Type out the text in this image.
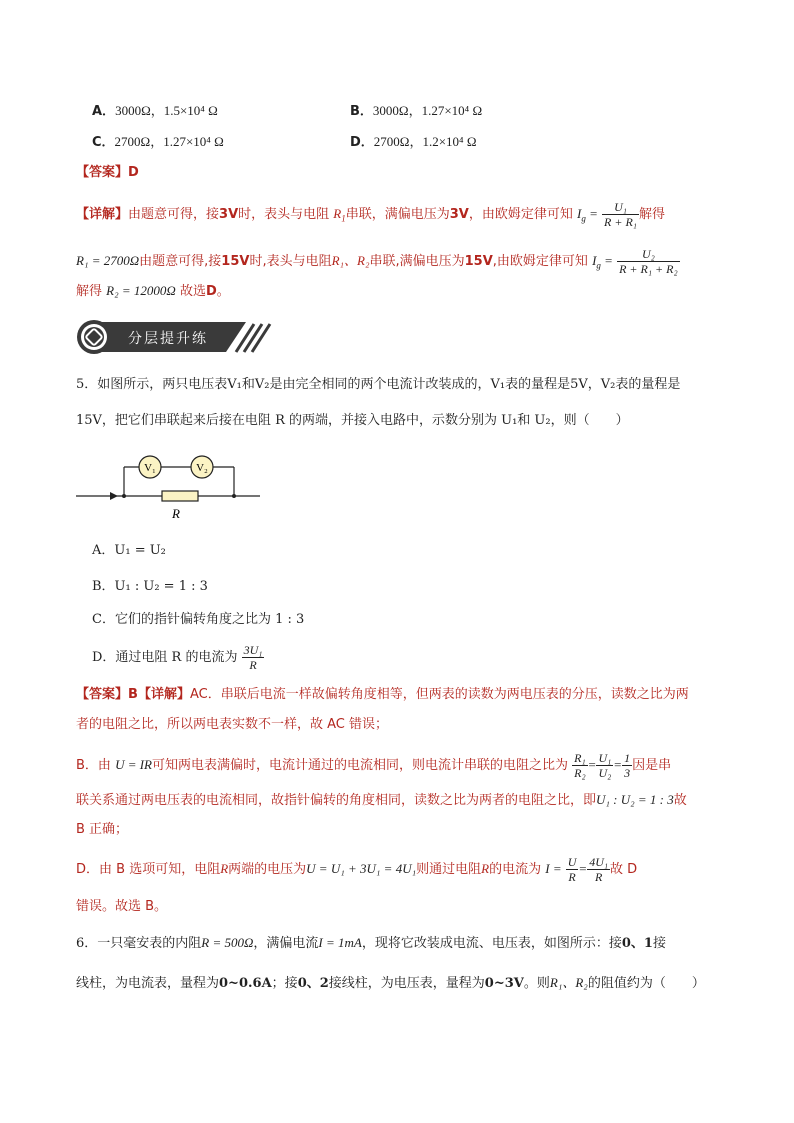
A．3000Ω，1.5×10⁴ Ω	B．3000Ω，1.27×10⁴ Ω
C．2700Ω，1.27×10⁴ Ω	D．2700Ω，1.2×10⁴ Ω
【答案】D
【详解】由题意可得，接3V时，表头与电阻 $R_1$串联，满偏电压为3V，由欧姆定律可知 $I_g = \frac{\text{U₁}}{\text{R + R₁}}$ 解得
R₁ = 2700Ω由题意可得,接15V时,表头与电阻R₁、R₂串联,满偏电压为15V,由欧姆定律可知 $I_g = \frac{\text{U₂}}{\text{R + R₁ + R₂}}$
解得 R₂ = 12000Ω 故选D。
分层提升练
5．如图所示，两只电压表V₁和V₂是由完全相同的两个电流计改装成的，V₁表的量程是5V，V₂表的量程是
15V，把它们串联起来后接在电阻 R 的两端，并接入电路中，示数分别为 U₁和 U₂，则（　　）
V₁	V₂
R
A．U₁ = U₂
B．U₁ : U₂ = 1 : 3
C．它们的指针偏转角度之比为 1 : 3
D．通过电阻 R 的电流为 $\frac{\text{3U₁}}{R}$
【答案】B【详解】AC．串联后电流一样故偏转角度相等，但两表的读数为两电压表的分压，读数之比为两
者的电阻之比，所以两电表实数不一样，故 AC 错误；
B．由 U = IR可知两电表满偏时，电流计通过的电流相同，则电流计串联的电阻之比为 $\frac{\text{R₁}}{\text{R₂}} = \frac{\text{U₁}}{\text{U₂}} = \frac{1}{3}$ 因是串
联关系通过两电压表的电流相同，故指针偏转的角度相同，读数之比为两者的电阻之比，即U₁ : U₂ = 1 : 3故
B 正确；
D．由 B 选项可知，电阻R两端的电压为U = U₁ + 3U₁ = 4U₁则通过电阻R的电流为 $I = \frac{U}{R} = \frac{\text{4U₁}}{R}$ 故 D
错误。故选 B。
6．一只毫安表的内阻R = 500Ω，满偏电流I = 1mA，现将它改装成电流、电压表，如图所示：接0、1接
线柱，为电流表，量程为0~0.6A；接0、2接线柱，为电压表，量程为0~3V。则R₁、R₂的阻值约为（　　）
